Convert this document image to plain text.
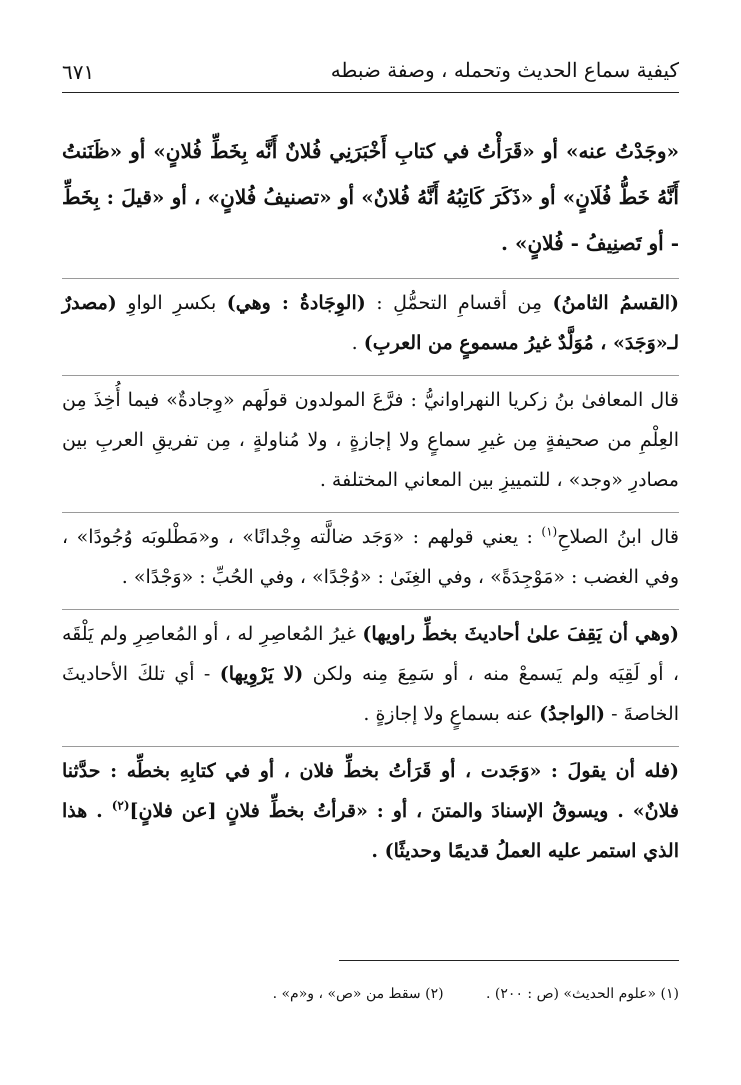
كيفية سماع الحديث وتحمله ، وصفة ضبطه
٦٧١

«وجَدْتُ عنه» أو «قَرَأْتُ في كتابِ أَخْبَرَنِي فُلانٌ أَنَّه بِخَطِّ فُلانٍ» أو «ظَنَنتُ أَنَّهُ خَطُّ فُلَانٍ» أو «ذَكَرَ كَاتِبُهُ أَنَّهُ فُلانٌ» أو «تصنيفُ فُلانٍ» ، أو «قيلَ : بِخَطِّ - أو تَصنِيفُ - فُلانٍ» .

(القسمُ الثامنُ) مِن أقسامِ التحمُّلِ : (الوِجَادةُ : وهي) بكسرِ الواوِ (مصدرٌ لـ«وَجَدَ» ، مُوَلَّدٌ غيرُ مسموعٍ من العربِ) .

قال المعافىٰ بنُ زكريا النهراوانيُّ : فرَّعَ المولدون قولَهم «وِجادةٌ» فيما أُخِذَ مِن العِلْمِ من صحيفةٍ مِن غيرِ سماعٍ ولا إجازةٍ ، ولا مُناولةٍ ، مِن تفريقِ العربِ بين مصادرِ «وجد» ، للتمييزِ بين المعاني المختلفة .

قال ابنُ الصلاحِ$^{(١)}$ : يعني قولهم : «وَجَد ضالَّته وِجْدانًا» ، و«مَطْلوبَه وُجُودًا» ، وفي الغضب : «مَوْجِدَةً» ، وفي الغِنَىٰ : «وُجْدًا» ، وفي الحُبِّ : «وَجْدًا» .

(وهي أن يَقِفَ علىٰ أحاديثَ بخطِّ راويها) غيرُ المُعاصِرِ له ، أو المُعاصِرِ ولم يَلْقَه ، أو لَقِيَه ولم يَسمعْ منه ، أو سَمِعَ مِنه ولكن (لا يَرْوِيها) - أي تلكَ الأحاديثَ الخاصةَ - (الواجدُ) عنه بسماعٍ ولا إجازةٍ .

(فله أن يقولَ : «وَجَدت ، أو قَرَأتُ بخطِّ فلان ، أو في كتابِهِ بخطِّه : حدَّثنا فلانٌ» . ويسوقُ الإسنادَ والمتنَ ، أو : «قرأتُ بخطِّ فلانٍ [عن فلانٍ]$^{(٢)}$ . هذا الذي استمر عليه العملُ قديمًا وحديثًا) .

(١) «علوم الحديث» (ص : ٢٠٠) . (٢) سقط من «ص» ، و«م» .
